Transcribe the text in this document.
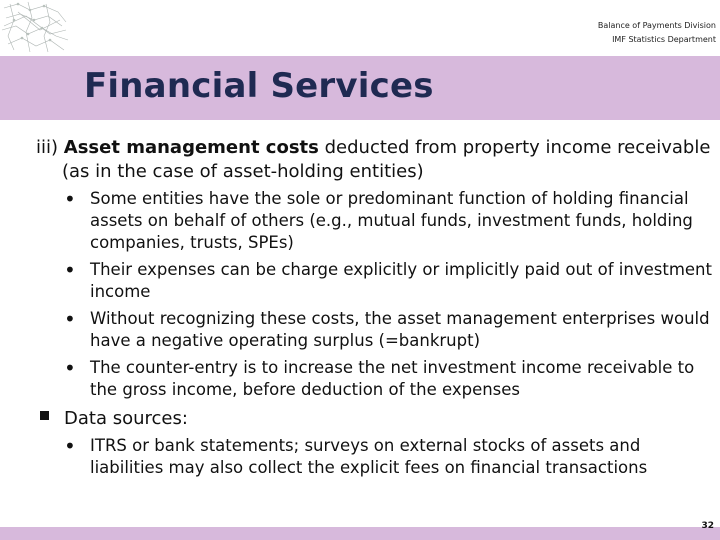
Balance of Payments Division
IMF Statistics Department
Financial Services

iii) Asset management costs deducted from property income receivable (as in the case of asset-holding entities)

• Some entities have the sole or predominant function of holding financial assets on behalf of others (e.g., mutual funds, investment funds, holding companies, trusts, SPEs)
• Their expenses can be charge explicitly or implicitly paid out of investment income
• Without recognizing these costs, the asset management enterprises would have a negative operating surplus (=bankrupt)
• The counter-entry is to increase the net investment income receivable to the gross income, before deduction of the expenses
Data sources:
• ITRS or bank statements; surveys on external stocks of assets and liabilities may also collect the explicit fees on financial transactions
32
